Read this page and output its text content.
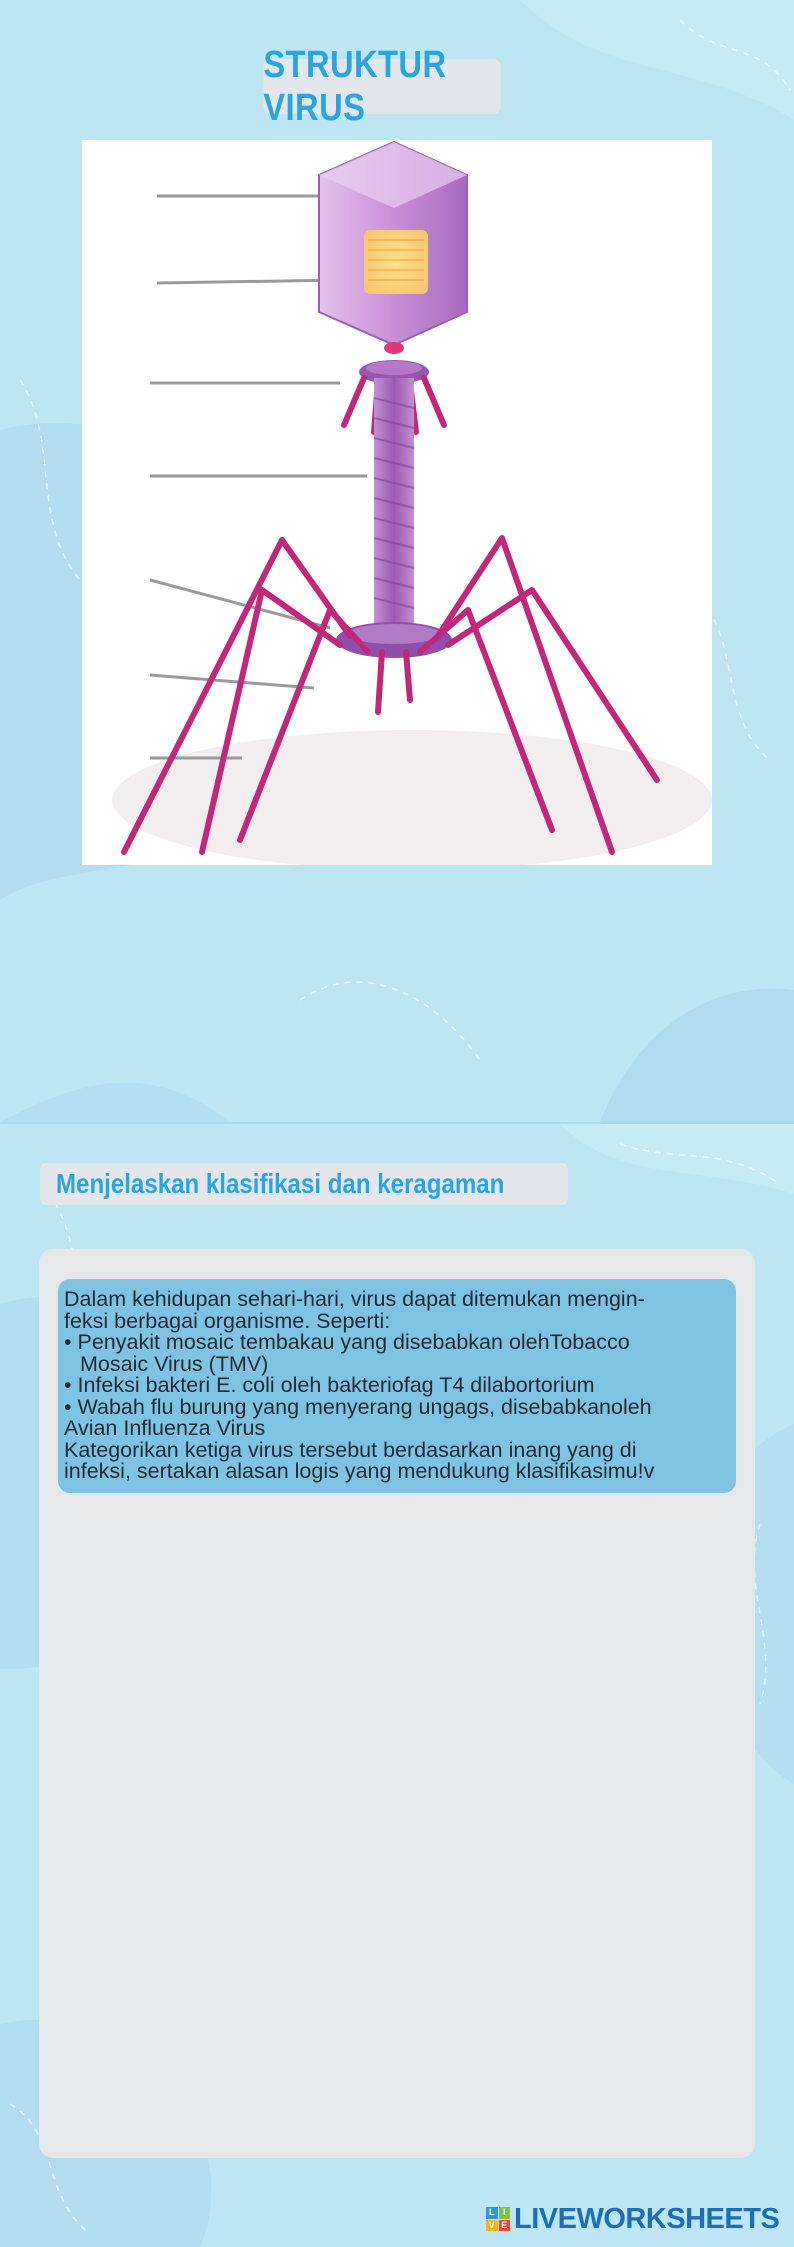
STRUKTUR VIRUS
Menjelaskan klasifikasi dan keragaman
Dalam kehidupan sehari-hari, virus dapat ditemukan mengin-
feksi berbagai organisme. Seperti:
• Penyakit mosaic tembakau yang disebabkan olehTobacco
Mosaic Virus (TMV)
• Infeksi bakteri E. coli oleh bakteriofag T4 dilabortorium
• Wabah flu burung yang menyerang ungags, disebabkanoleh
Avian Influenza Virus
Kategorikan ketiga virus tersebut berdasarkan inang yang di
infeksi, sertakan alasan logis yang mendukung klasifikasimu!v
L I
V E LIVEWORKSHEETS
